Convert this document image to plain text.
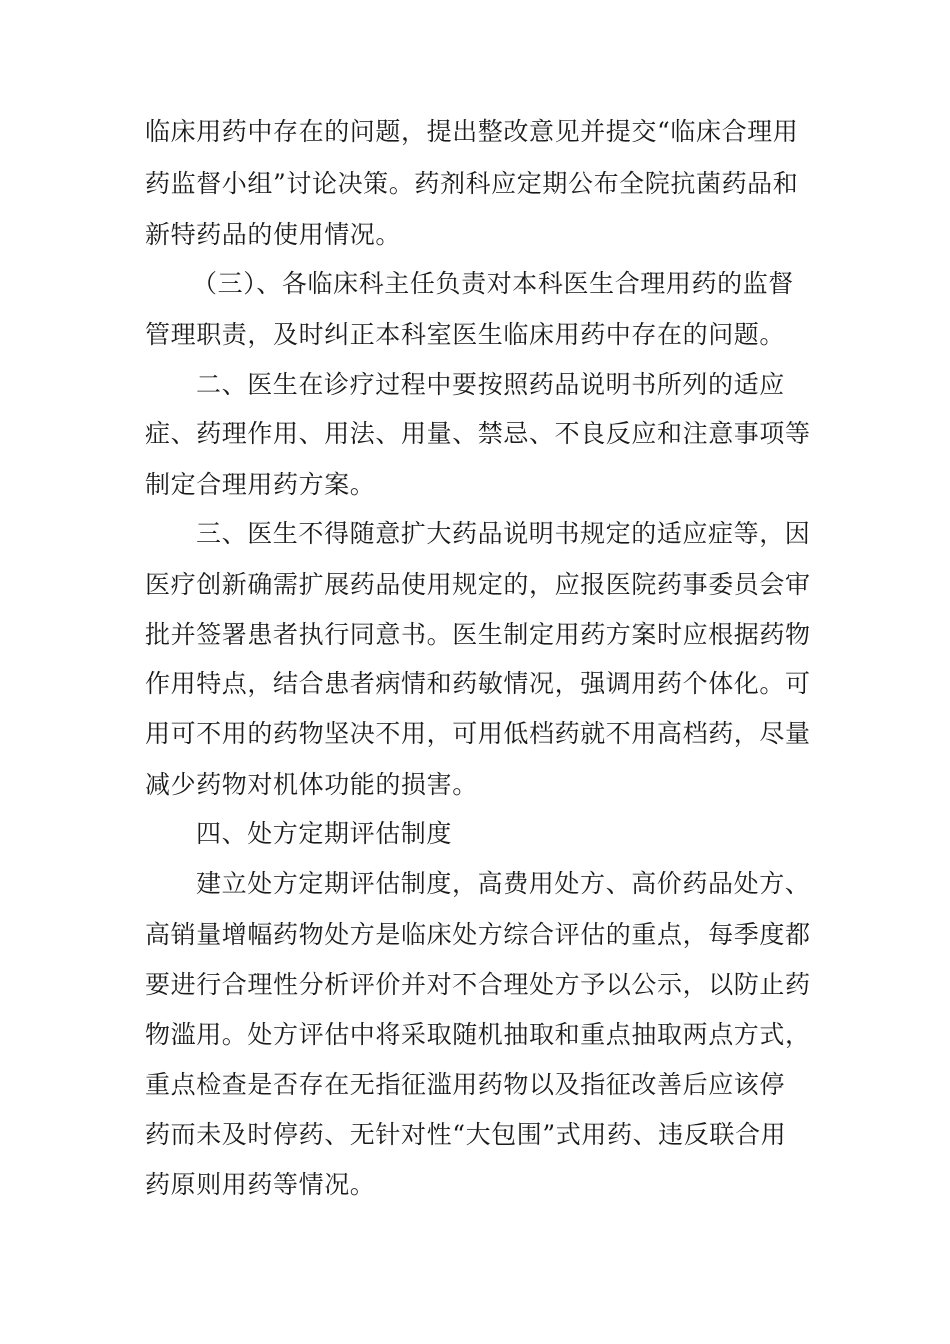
临床用药中存在的问题，提出整改意见并提交“临床合理用
药监督小组”讨论决策。药剂科应定期公布全院抗菌药品和
新特药品的使用情况。
（三）、各临床科主任负责对本科医生合理用药的监督
管理职责，及时纠正本科室医生临床用药中存在的问题。
二、医生在诊疗过程中要按照药品说明书所列的适应
症、药理作用、用法、用量、禁忌、不良反应和注意事项等
制定合理用药方案。
三、医生不得随意扩大药品说明书规定的适应症等，因
医疗创新确需扩展药品使用规定的，应报医院药事委员会审
批并签署患者执行同意书。医生制定用药方案时应根据药物
作用特点，结合患者病情和药敏情况，强调用药个体化。可
用可不用的药物坚决不用，可用低档药就不用高档药，尽量
减少药物对机体功能的损害。
四、处方定期评估制度
建立处方定期评估制度，高费用处方、高价药品处方、
高销量增幅药物处方是临床处方综合评估的重点，每季度都
要进行合理性分析评价并对不合理处方予以公示，以防止药
物滥用。处方评估中将采取随机抽取和重点抽取两点方式，
重点检查是否存在无指征滥用药物以及指征改善后应该停
药而未及时停药、无针对性“大包围”式用药、违反联合用
药原则用药等情况。
